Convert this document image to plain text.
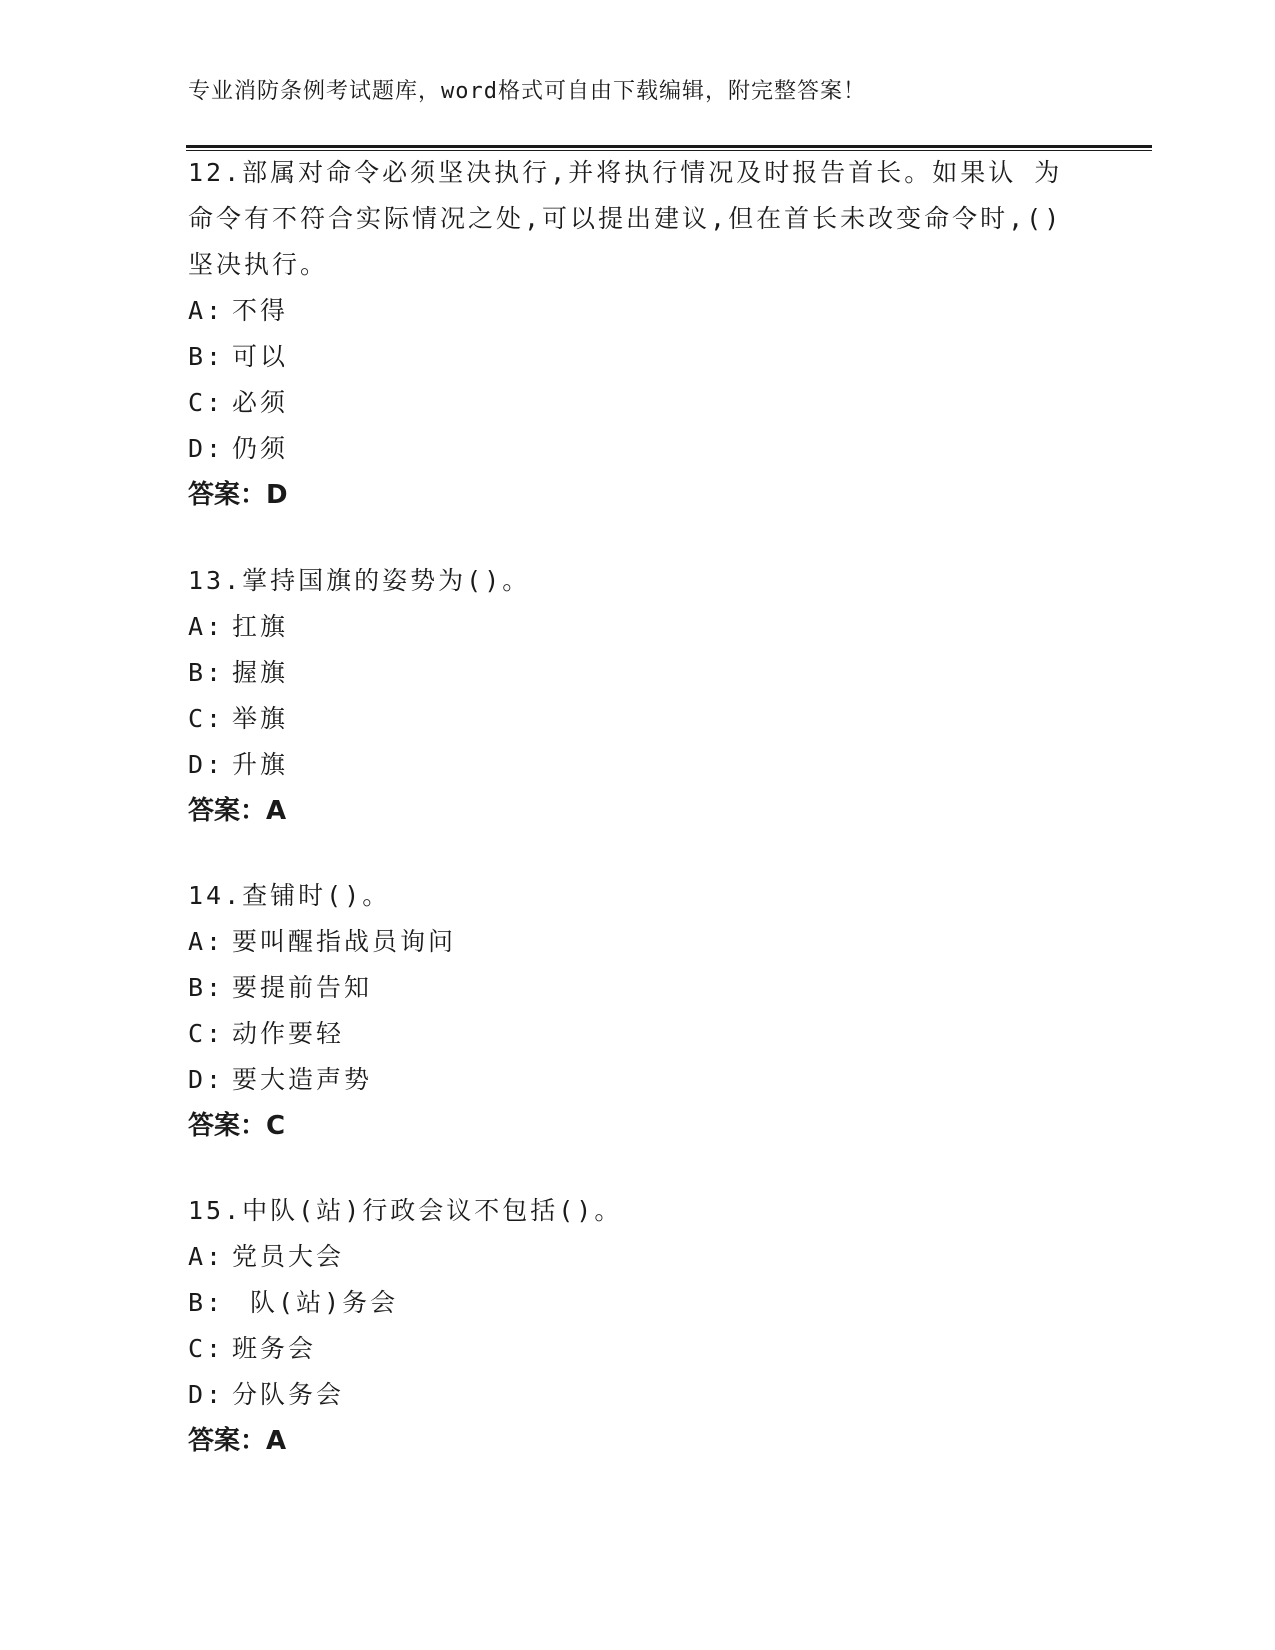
专业消防条例考试题库，word格式可自由下载编辑，附完整答案！
12.部属对命令必须坚决执行,并将执行情况及时报告首长。如果认 为
命令有不符合实际情况之处,可以提出建议,但在首长未改变命令时,()
坚决执行。
A: 不得
B: 可以
C: 必须
D: 仍须
答案：D
13.掌持国旗的姿势为()。
A: 扛旗
B: 握旗
C: 举旗
D: 升旗
答案：A
14.查铺时()。
A: 要叫醒指战员询问
B: 要提前告知
C: 动作要轻
D: 要大造声势
答案：C
15.中队(站)行政会议不包括()。
A: 党员大会
B: 队(站)务会
C: 班务会
D: 分队务会
答案：A
